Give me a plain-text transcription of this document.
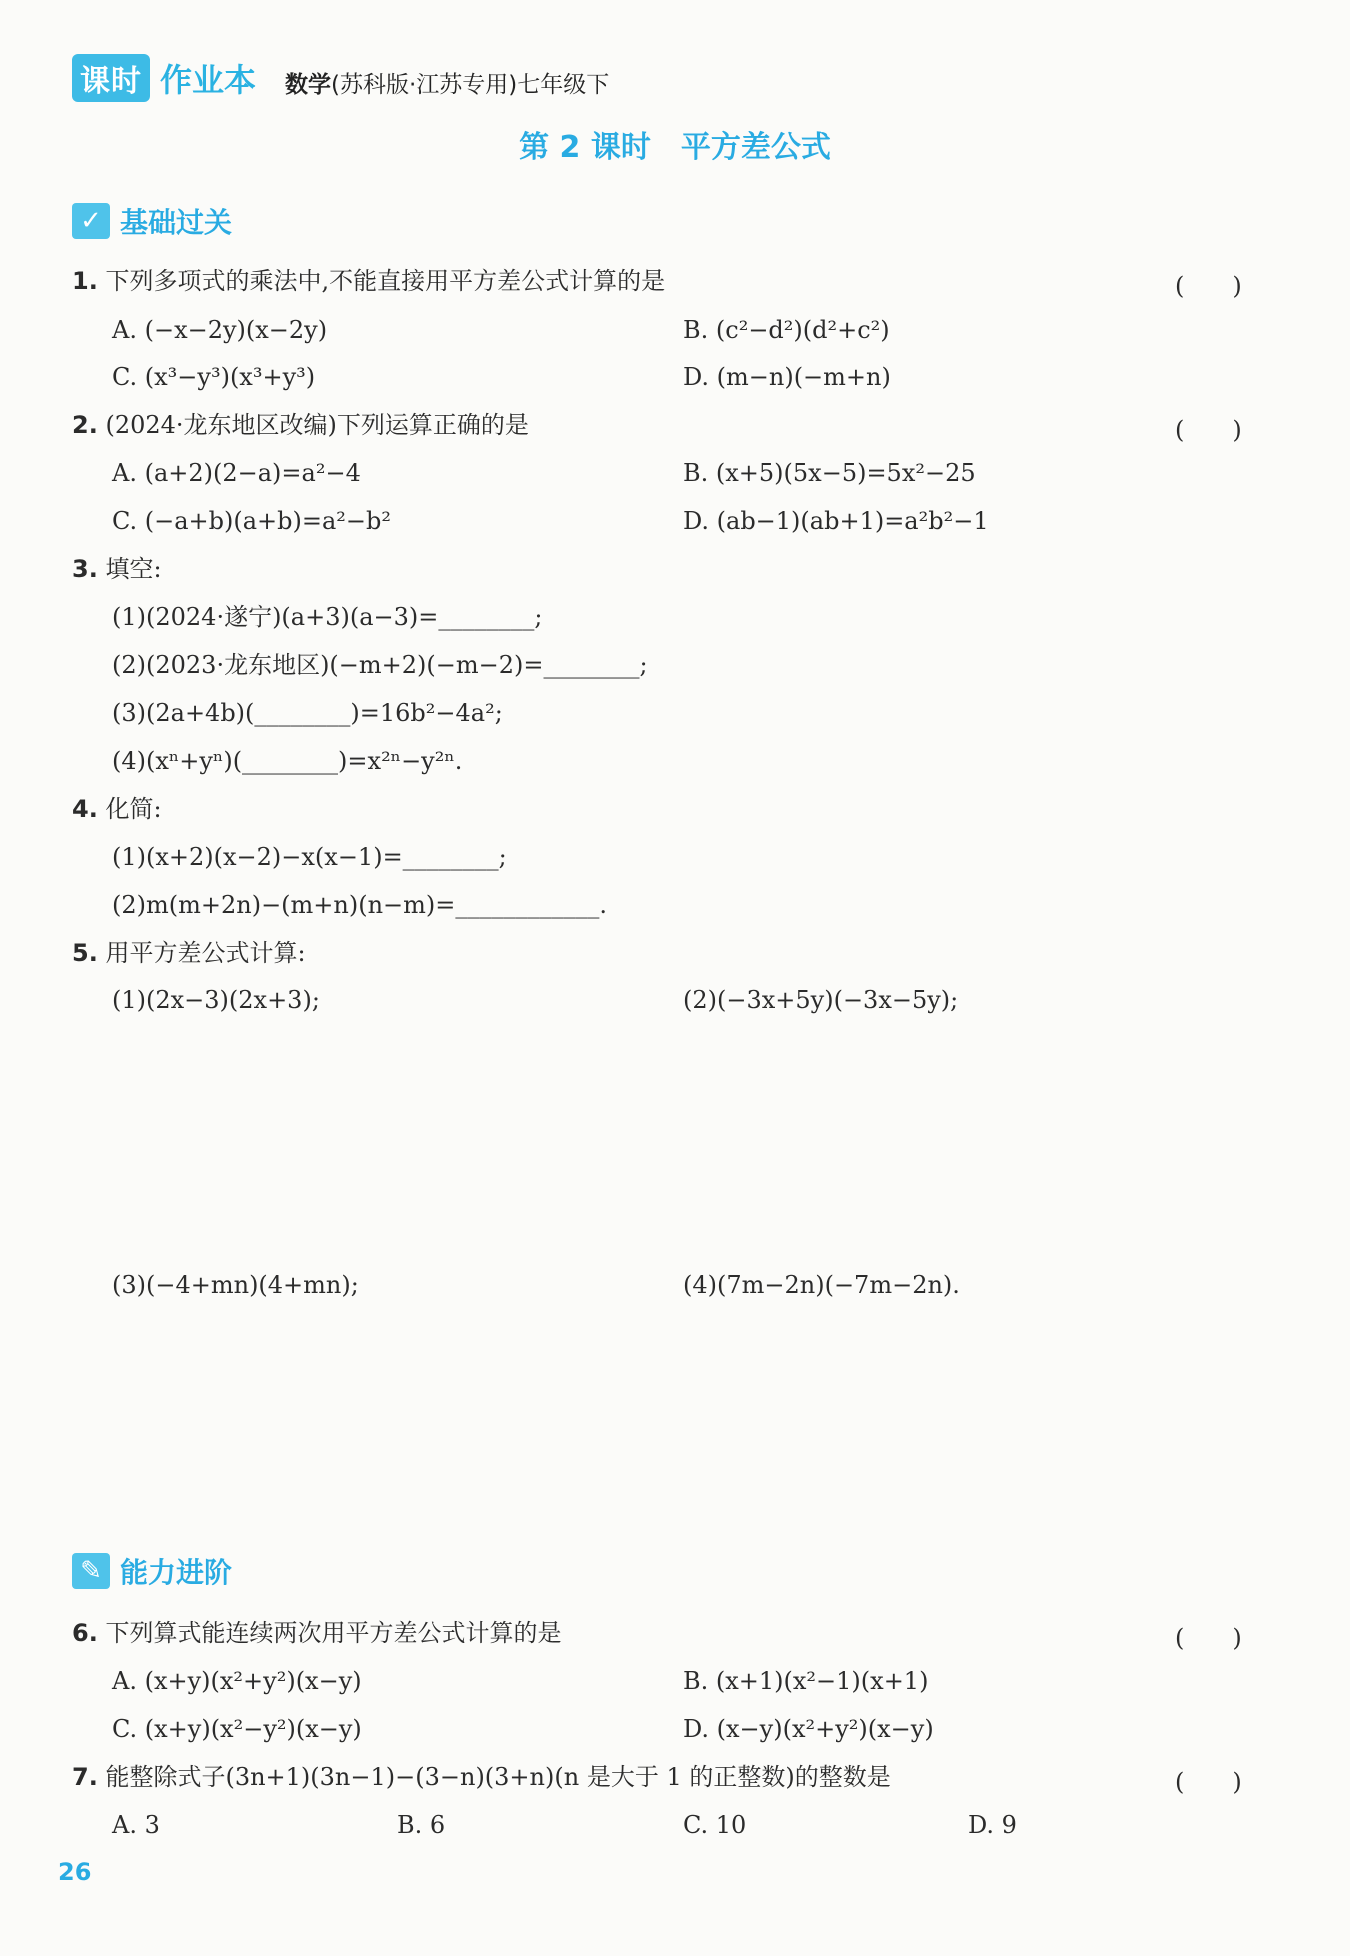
课时 作业本 数学(苏科版·江苏专用)七年级下
第 2 课时　平方差公式
✓ 基础过关
1. 下列多项式的乘法中,不能直接用平方差公式计算的是	(　　)
A. (−x−2y)(x−2y)	B. (c²−d²)(d²+c²)
C. (x³−y³)(x³+y³)	D. (m−n)(−m+n)
2. (2024·龙东地区改编)下列运算正确的是	(　　)
A. (a+2)(2−a)=a²−4	B. (x+5)(5x−5)=5x²−25
C. (−a+b)(a+b)=a²−b²	D. (ab−1)(ab+1)=a²b²−1
3. 填空:
(1)(2024·遂宁)(a+3)(a−3)=________;
(2)(2023·龙东地区)(−m+2)(−m−2)=________;
(3)(2a+4b)(________)=16b²−4a²;
(4)(xⁿ+yⁿ)(________)=x²ⁿ−y²ⁿ.
4. 化简:
(1)(x+2)(x−2)−x(x−1)=________;
(2)m(m+2n)−(m+n)(n−m)=____________.
5. 用平方差公式计算:
(1)(2x−3)(2x+3);	(2)(−3x+5y)(−3x−5y);
(3)(−4+mn)(4+mn);	(4)(7m−2n)(−7m−2n).
✎ 能力进阶
6. 下列算式能连续两次用平方差公式计算的是	(　　)
A. (x+y)(x²+y²)(x−y)	B. (x+1)(x²−1)(x+1)
C. (x+y)(x²−y²)(x−y)	D. (x−y)(x²+y²)(x−y)
7. 能整除式子(3n+1)(3n−1)−(3−n)(3+n)(n 是大于 1 的正整数)的整数是	(　　)
A. 3	B. 6	C. 10	D. 9
26
